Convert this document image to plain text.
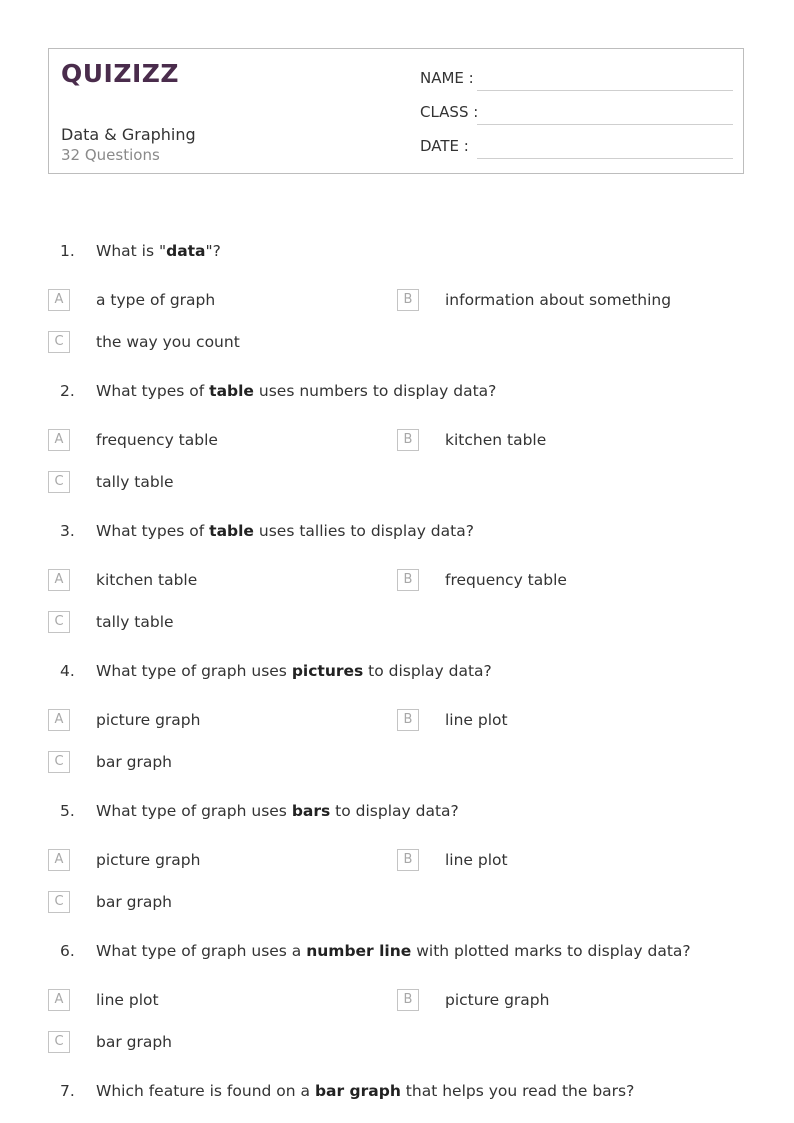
QUIZIZZ
Data & Graphing
32 Questions
NAME :
CLASS :
DATE :
1. What is "data"?
A	a type of graph	B	information about something
C	the way you count
2. What types of table uses numbers to display data?
A	frequency table	B	kitchen table
C	tally table
3. What types of table uses tallies to display data?
A	kitchen table	B	frequency table
C	tally table
4. What type of graph uses pictures to display data?
A	picture graph	B	line plot
C	bar graph
5. What type of graph uses bars to display data?
A	picture graph	B	line plot
C	bar graph
6. What type of graph uses a number line with plotted marks to display data?
A	line plot	B	picture graph
C	bar graph
7. Which feature is found on a bar graph that helps you read the bars?
